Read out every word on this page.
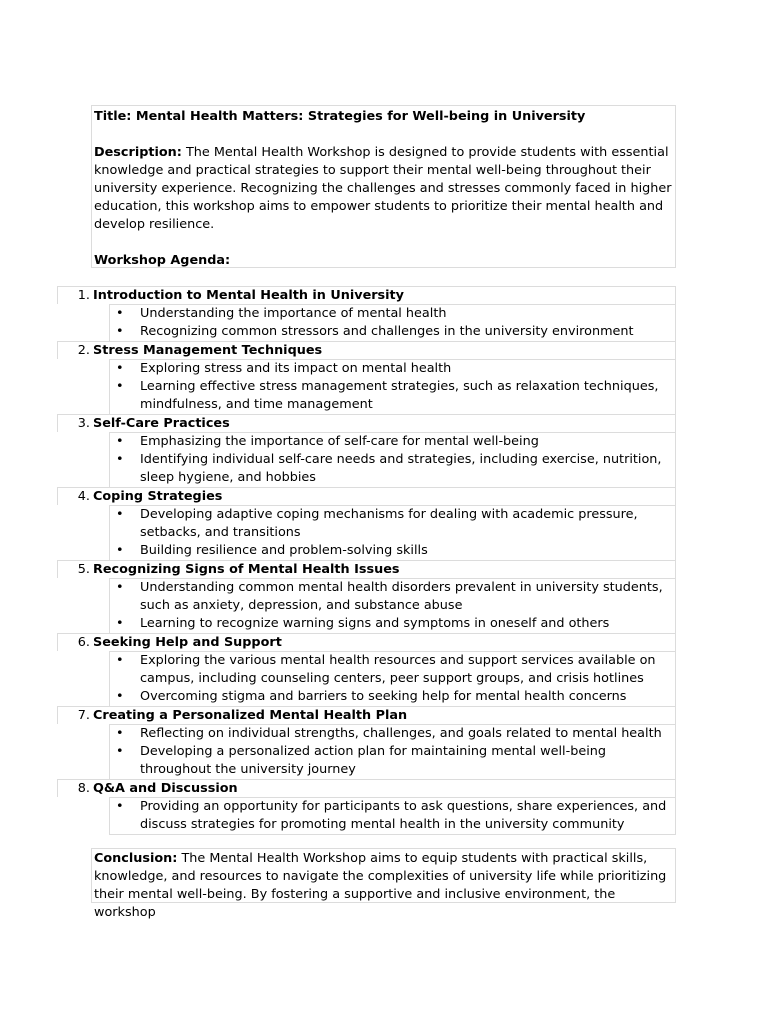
Title: Mental Health Matters: Strategies for Well-being in University

Description: The Mental Health Workshop is designed to provide students with essential knowledge and practical strategies to support their mental well-being throughout their university experience. Recognizing the challenges and stresses commonly faced in higher education, this workshop aims to empower students to prioritize their mental health and develop resilience.

Workshop Agenda:

1. Introduction to Mental Health in University
• Understanding the importance of mental health
• Recognizing common stressors and challenges in the university environment
2. Stress Management Techniques
• Exploring stress and its impact on mental health
• Learning effective stress management strategies, such as relaxation techniques, mindfulness, and time management
3. Self-Care Practices
• Emphasizing the importance of self-care for mental well-being
• Identifying individual self-care needs and strategies, including exercise, nutrition, sleep hygiene, and hobbies
4. Coping Strategies
• Developing adaptive coping mechanisms for dealing with academic pressure, setbacks, and transitions
• Building resilience and problem-solving skills
5. Recognizing Signs of Mental Health Issues
• Understanding common mental health disorders prevalent in university students, such as anxiety, depression, and substance abuse
• Learning to recognize warning signs and symptoms in oneself and others
6. Seeking Help and Support
• Exploring the various mental health resources and support services available on campus, including counseling centers, peer support groups, and crisis hotlines
• Overcoming stigma and barriers to seeking help for mental health concerns
7. Creating a Personalized Mental Health Plan
• Reflecting on individual strengths, challenges, and goals related to mental health
• Developing a personalized action plan for maintaining mental well-being throughout the university journey
8. Q&A and Discussion
• Providing an opportunity for participants to ask questions, share experiences, and discuss strategies for promoting mental health in the university community

Conclusion: The Mental Health Workshop aims to equip students with practical skills, knowledge, and resources to navigate the complexities of university life while prioritizing their mental well-being. By fostering a supportive and inclusive environment, the workshop
